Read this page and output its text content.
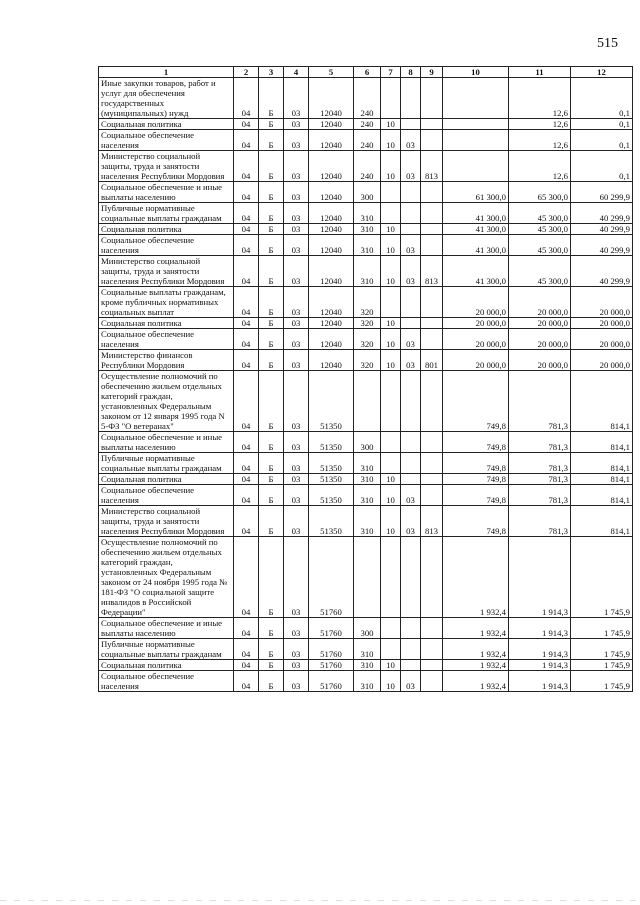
515
1	2	3	4	5	6	7	8	9	10	11	12
Иные закупки товаров, работ и услуг для обеспечения государственных (муниципальных) нужд	04	Б	03	12040	240					12,6	0,1
Социальная политика	04	Б	03	12040	240	10				12,6	0,1
Социальное обеспечение населения	04	Б	03	12040	240	10	03			12,6	0,1
Министерство социальной защиты, труда и занятости населения Республики Мордовия	04	Б	03	12040	240	10	03	813		12,6	0,1
Социальное обеспечение и иные выплаты населению	04	Б	03	12040	300				61 300,0	65 300,0	60 299,9
Публичные нормативные социальные выплаты гражданам	04	Б	03	12040	310				41 300,0	45 300,0	40 299,9
Социальная политика	04	Б	03	12040	310	10			41 300,0	45 300,0	40 299,9
Социальное обеспечение населения	04	Б	03	12040	310	10	03		41 300,0	45 300,0	40 299,9
Министерство социальной защиты, труда и занятости населения Республики Мордовия	04	Б	03	12040	310	10	03	813	41 300,0	45 300,0	40 299,9
Социальные выплаты гражданам, кроме публичных нормативных социальных выплат	04	Б	03	12040	320				20 000,0	20 000,0	20 000,0
Социальная политика	04	Б	03	12040	320	10			20 000,0	20 000,0	20 000,0
Социальное обеспечение населения	04	Б	03	12040	320	10	03		20 000,0	20 000,0	20 000,0
Министерство финансов Республики Мордовия	04	Б	03	12040	320	10	03	801	20 000,0	20 000,0	20 000,0
Осуществление полномочий по обеспечению жильем отдельных категорий граждан, установленных Федеральным законом от 12 января 1995 года N 5-ФЗ "О ветеранах"	04	Б	03	51350					749,8	781,3	814,1
Социальное обеспечение и иные выплаты населению	04	Б	03	51350	300				749,8	781,3	814,1
Публичные нормативные социальные выплаты гражданам	04	Б	03	51350	310				749,8	781,3	814,1
Социальная политика	04	Б	03	51350	310	10			749,8	781,3	814,1
Социальное обеспечение населения	04	Б	03	51350	310	10	03		749,8	781,3	814,1
Министерство социальной защиты, труда и занятости населения Республики Мордовия	04	Б	03	51350	310	10	03	813	749,8	781,3	814,1
Осуществление полномочий по обеспечению жильем отдельных категорий граждан, установленных Федеральным законом от 24 ноября 1995 года № 181-ФЗ "О социальной защите инвалидов в Российской Федерации"	04	Б	03	51760					1 932,4	1 914,3	1 745,9
Социальное обеспечение и иные выплаты населению	04	Б	03	51760	300				1 932,4	1 914,3	1 745,9
Публичные нормативные социальные выплаты гражданам	04	Б	03	51760	310				1 932,4	1 914,3	1 745,9
Социальная политика	04	Б	03	51760	310	10			1 932,4	1 914,3	1 745,9
Социальное обеспечение населения	04	Б	03	51760	310	10	03		1 932,4	1 914,3	1 745,9
